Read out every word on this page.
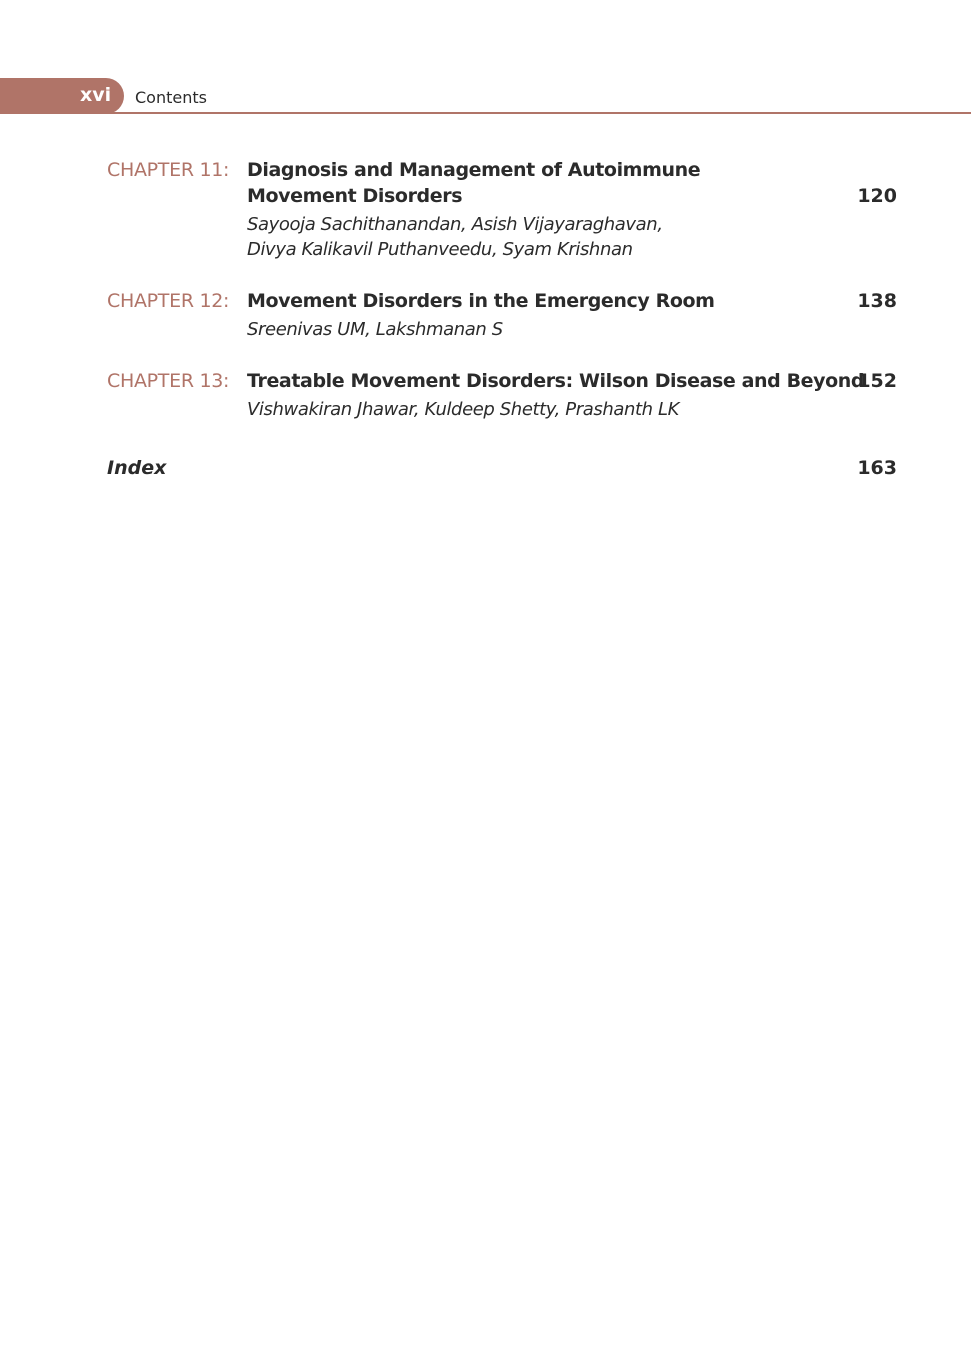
xvi Contents
CHAPTER 11: Diagnosis and Management of Autoimmune Movement Disorders
Sayooja Sachithanandan, Asish Vijayaraghavan, Divya Kalikavil Puthanveedu, Syam Krishnan
120
CHAPTER 12: Movement Disorders in the Emergency Room
Sreenivas UM, Lakshmanan S
138
CHAPTER 13: Treatable Movement Disorders: Wilson Disease and Beyond
Vishwakiran Jhawar, Kuldeep Shetty, Prashanth LK
152
Index	163
